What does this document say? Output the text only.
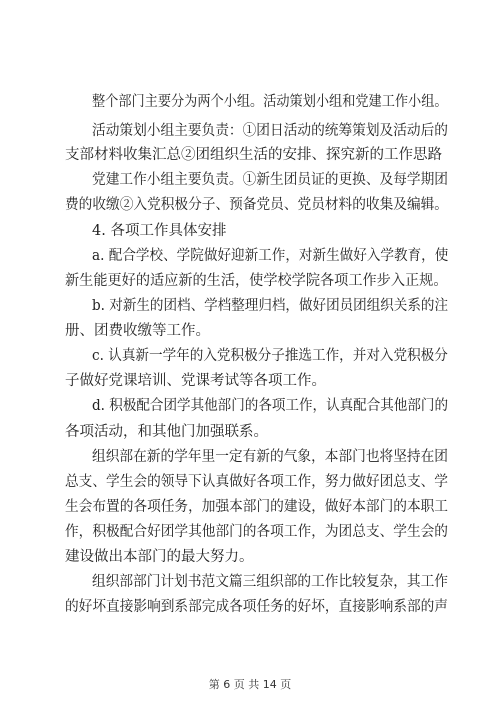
整个部门主要分为两个小组。活动策划小组和党建工作小组。
活动策划小组主要负责：①团日活动的统筹策划及活动后的
支部材料收集汇总②团组织生活的安排、探究新的工作思路
党建工作小组主要负责。①新生团员证的更换、及每学期团
费的收缴②入党积极分子、预备党员、党员材料的收集及编辑。
4. 各项工作具体安排
a. 配合学校、学院做好迎新工作，对新生做好入学教育，使
新生能更好的适应新的生活，使学校学院各项工作步入正规。
b. 对新生的团档、学档整理归档，做好团员团组织关系的注
册、团费收缴等工作。
c. 认真新一学年的入党积极分子推选工作，并对入党积极分
子做好党课培训、党课考试等各项工作。
d. 积极配合团学其他部门的各项工作，认真配合其他部门的
各项活动，和其他门加强联系。
组织部在新的学年里一定有新的气象，本部门也将坚持在团
总支、学生会的领导下认真做好各项工作，努力做好团总支、学
生会布置的各项任务，加强本部门的建设，做好本部门的本职工
作，积极配合好团学其他部门的各项工作，为团总支、学生会的
建设做出本部门的最大努力。
组织部部门计划书范文篇三组织部的工作比较复杂，其工作
的好坏直接影响到系部完成各项任务的好坏，直接影响系部的声
第 6 页 共 14 页
